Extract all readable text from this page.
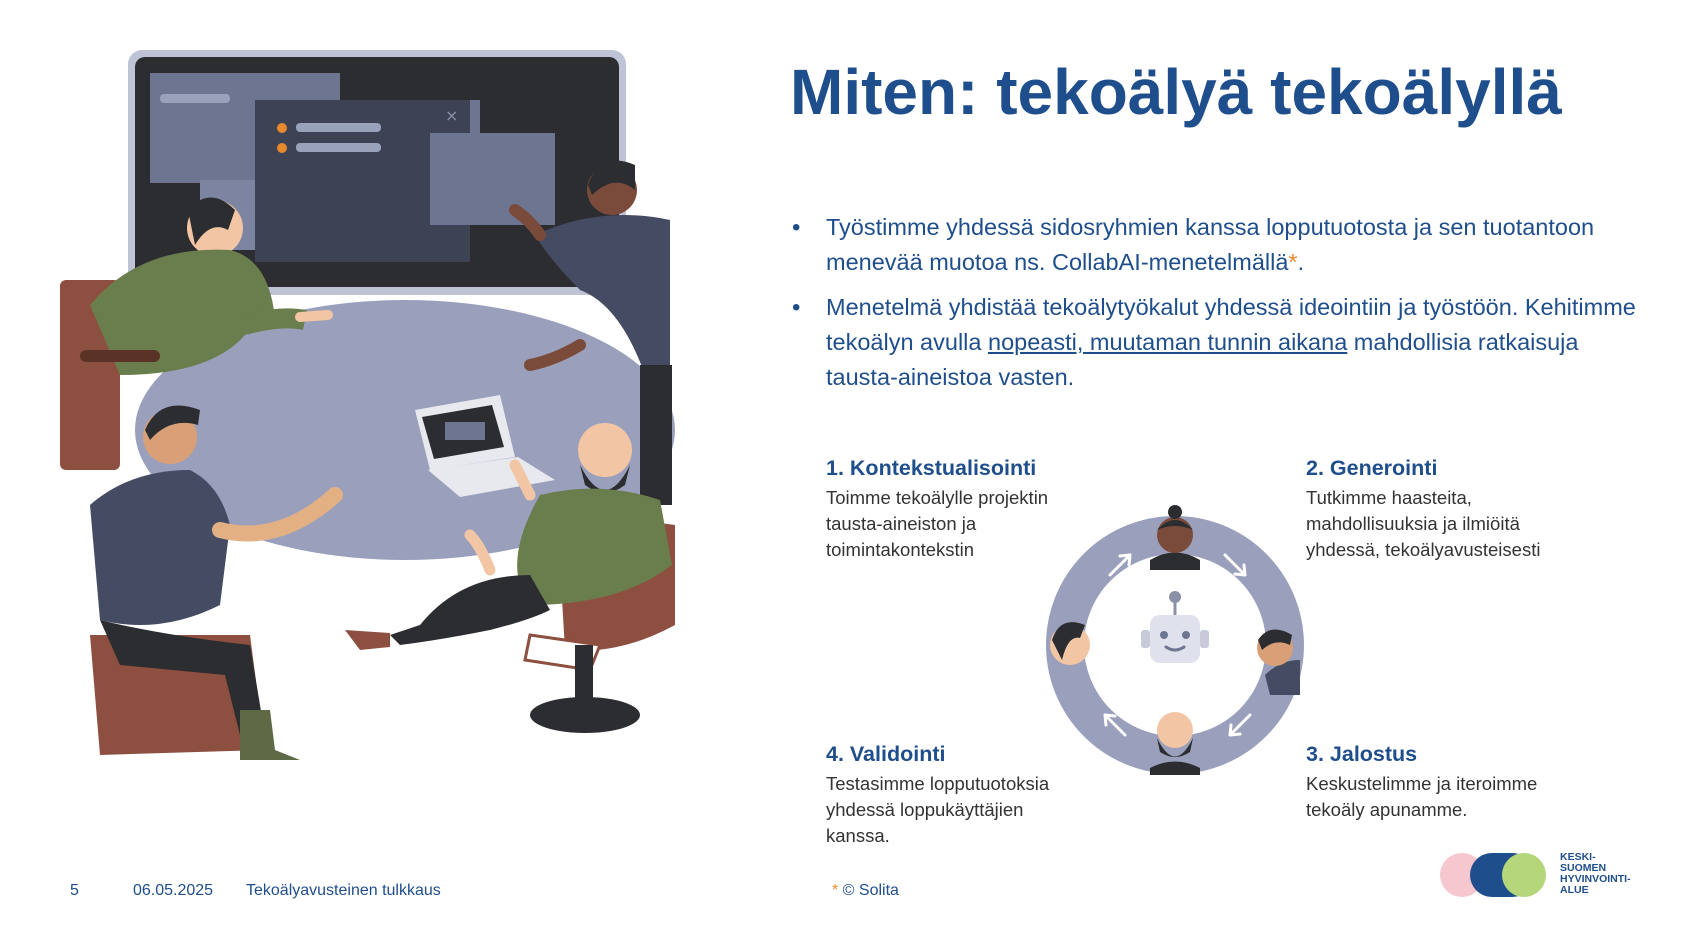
×	Miten: tekoälyä tekoälyllä
• Työstimme yhdessä sidosryhmien kanssa lopputuotosta ja sen tuotantoon menevää muotoa ns. CollabAI-menetelmällä*.
• Menetelmä yhdistää tekoälytyökalut yhdessä ideointiin ja työstöön. Kehitimme tekoälyn avulla nopeasti, muutaman tunnin aikana mahdollisia ratkaisuja tausta-aineistoa vasten.
1. Kontekstualisointi

Toimme tekoälylle projektin tausta-aineiston ja toimintakontekstin

2. Generointi

Tutkimme haasteita, mahdollisuuksia ja ilmiöitä yhdessä, tekoälyavusteisesti

3. Jalostus

Keskustelimme ja iteroimme tekoäly apunamme.

4. Validointi

Testasimme lopputuotoksia yhdessä loppukäyttäjien kanssa.

5	06.05.2025 Tekoälyavusteinen tulkkaus	* © Solita
KESKI-
SUOMEN
HYVINVOINTI-
ALUE
